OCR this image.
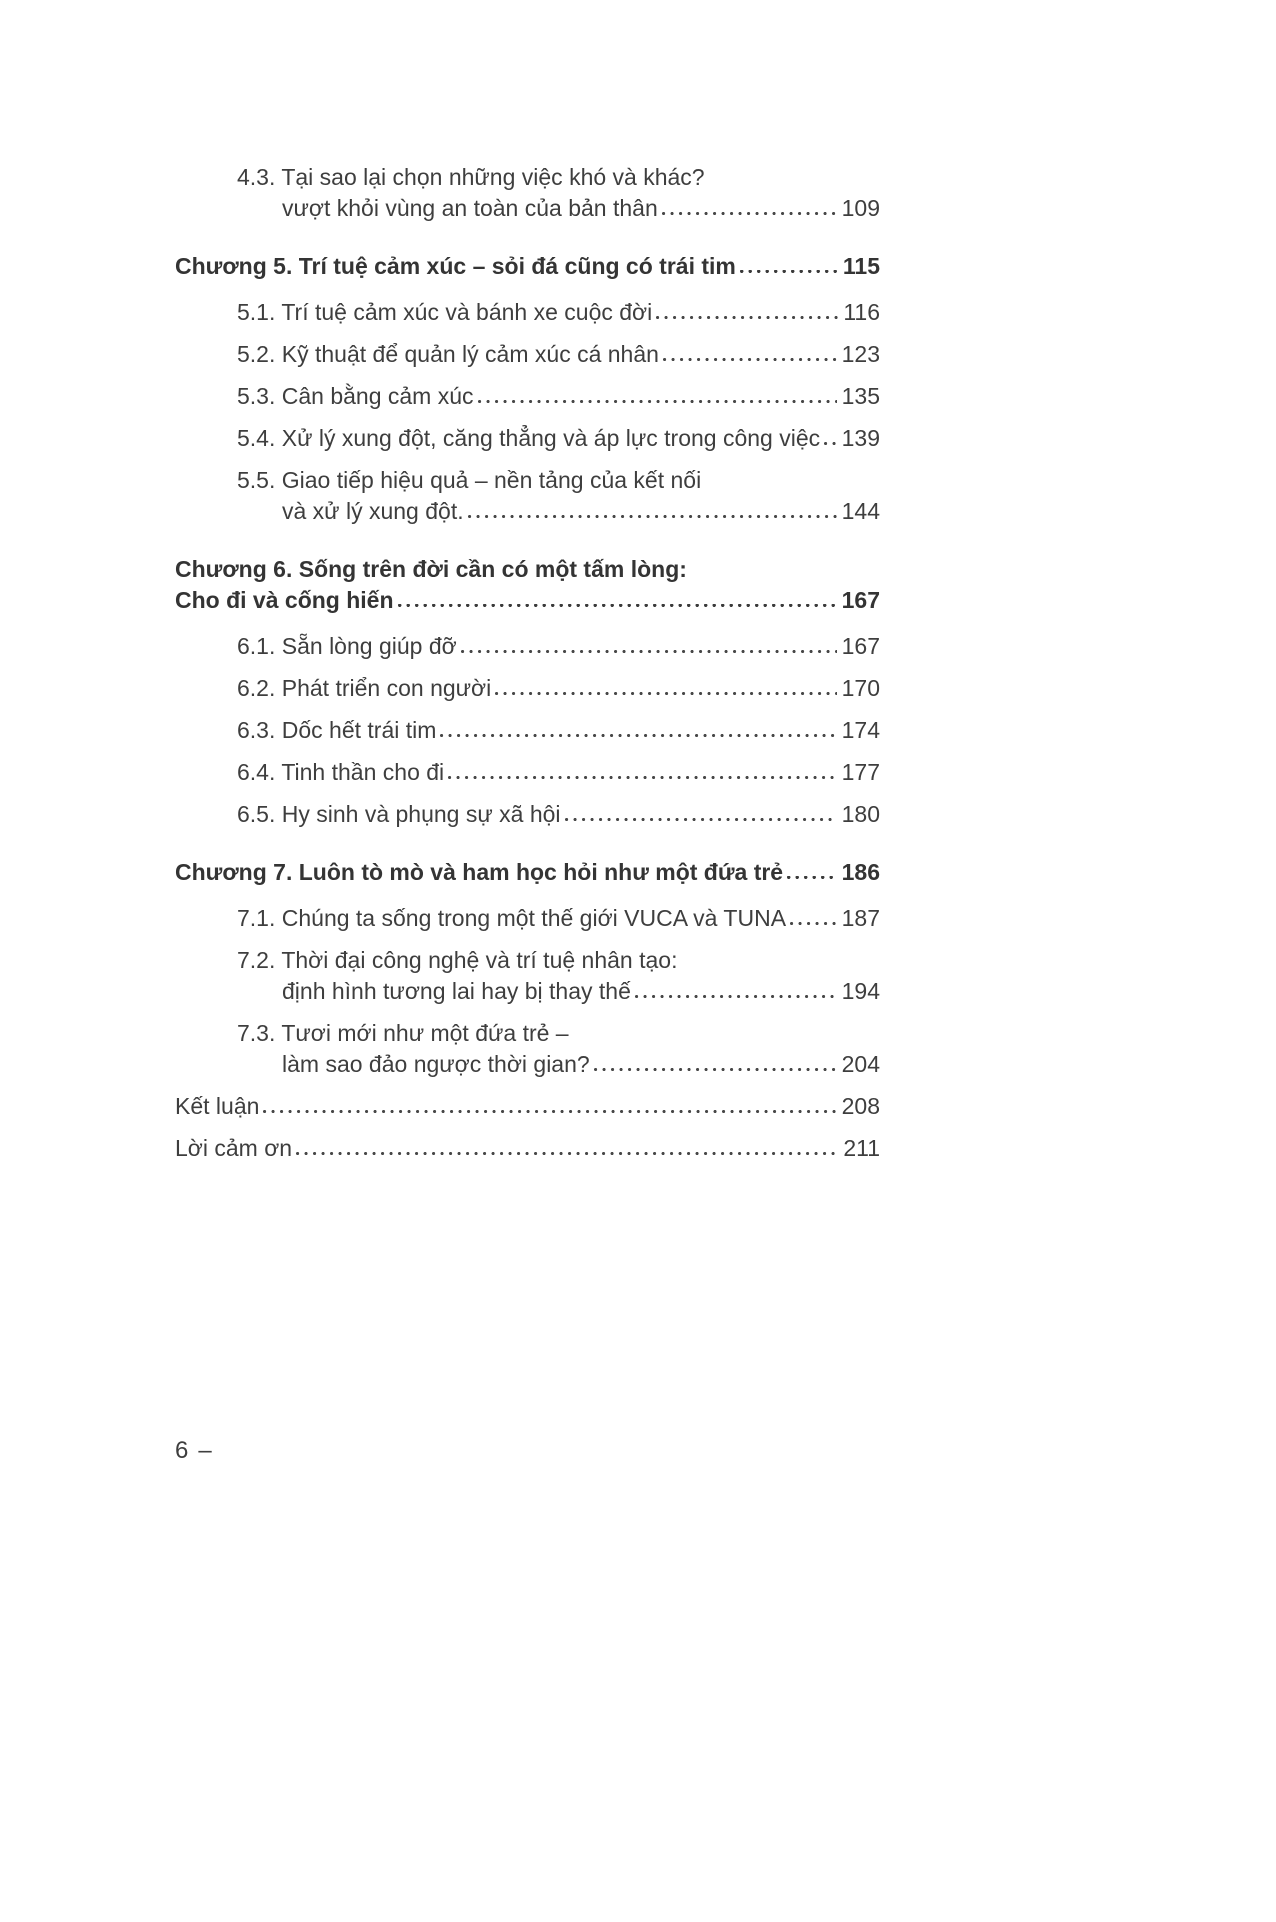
4.3. Tại sao lại chọn những việc khó và khác?
vượt khỏi vùng an toàn của bản thân	109
Chương 5. Trí tuệ cảm xúc – sỏi đá cũng có trái tim	115
5.1. Trí tuệ cảm xúc và bánh xe cuộc đời	116
5.2. Kỹ thuật để quản lý cảm xúc cá nhân	123
5.3. Cân bằng cảm xúc	135
5.4. Xử lý xung đột, căng thẳng và áp lực trong công việc 139
5.5. Giao tiếp hiệu quả – nền tảng của kết nối
và xử lý xung đột.	144
Chương 6. Sống trên đời cần có một tấm lòng:
Cho đi và cống hiến	167
6.1. Sẵn lòng giúp đỡ	167
6.2. Phát triển con người	170
6.3. Dốc hết trái tim	174
6.4. Tinh thần cho đi	177
6.5. Hy sinh và phụng sự xã hội	180
Chương 7. Luôn tò mò và ham học hỏi như một đứa trẻ	186
7.1. Chúng ta sống trong một thế giới VUCA và TUNA 187
7.2. Thời đại công nghệ và trí tuệ nhân tạo:
định hình tương lai hay bị thay thế	194
7.3. Tươi mới như một đứa trẻ –
làm sao đảo ngược thời gian?	204
Kết luận	208
Lời cảm ơn	211
6 –
